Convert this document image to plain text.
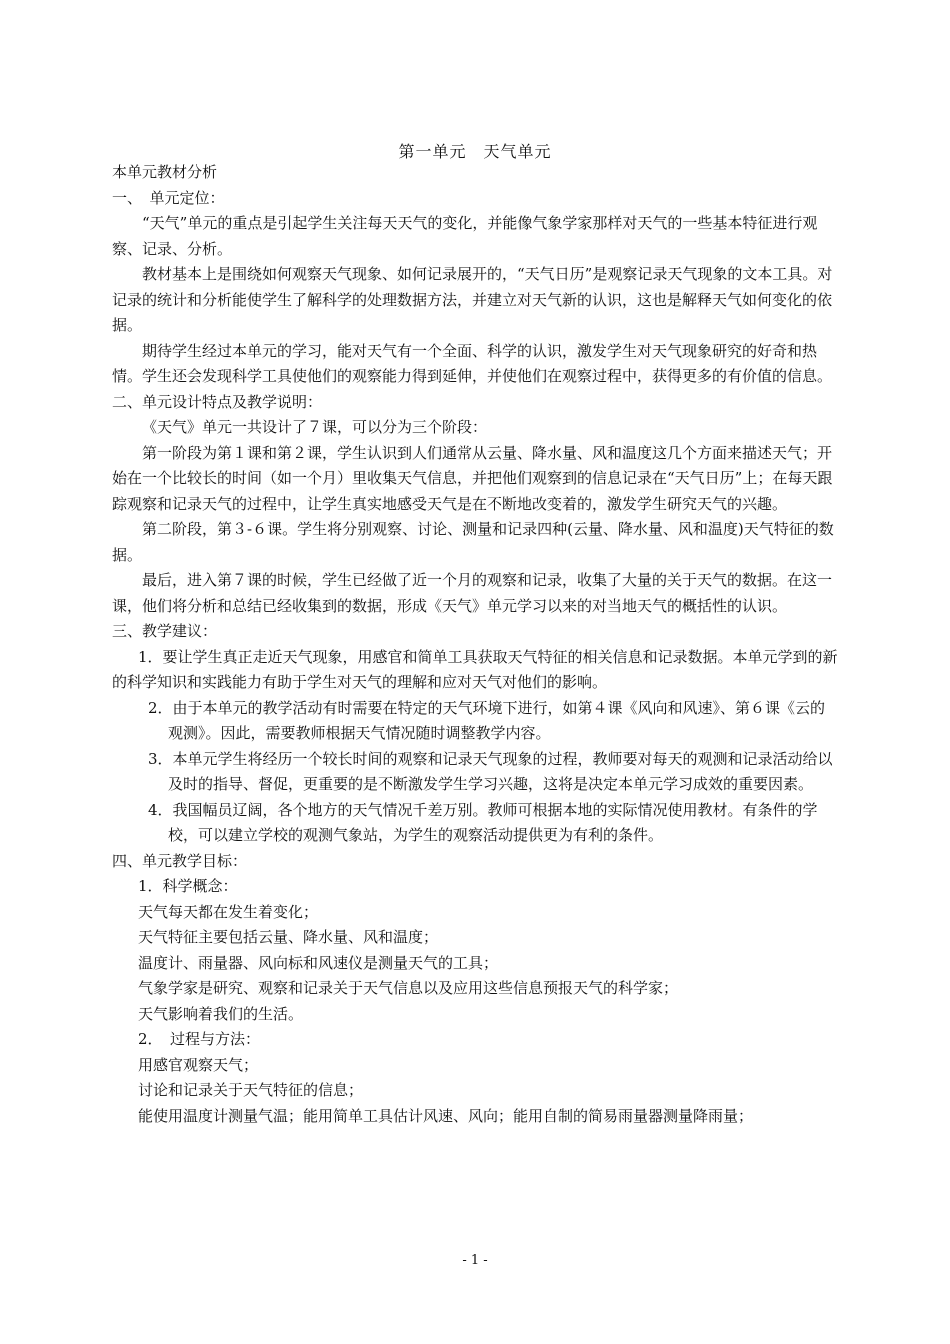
第一单元　天气单元

本单元教材分析

一、　单元定位：

“天气”单元的重点是引起学生关注每天天气的变化，并能像气象学家那样对天气的一些基本特征进行观察、记录、分析。

教材基本上是围绕如何观察天气现象、如何记录展开的，“天气日历”是观察记录天气现象的文本工具。对记录的统计和分析能使学生了解科学的处理数据方法，并建立对天气新的认识，这也是解释天气如何变化的依据。

期待学生经过本单元的学习，能对天气有一个全面、科学的认识，激发学生对天气现象研究的好奇和热情。学生还会发现科学工具使他们的观察能力得到延伸，并使他们在观察过程中，获得更多的有价值的信息。

二、单元设计特点及教学说明：

《天气》单元一共设计了７课，可以分为三个阶段：

第一阶段为第１课和第２课，学生认识到人们通常从云量、降水量、风和温度这几个方面来描述天气；开始在一个比较长的时间（如一个月）里收集天气信息，并把他们观察到的信息记录在“天气日历”上；在每天跟踪观察和记录天气的过程中，让学生真实地感受天气是在不断地改变着的，激发学生研究天气的兴趣。

第二阶段，第３-６课。学生将分别观察、讨论、测量和记录四种(云量、降水量、风和温度)天气特征的数据。

最后，进入第７课的时候，学生已经做了近一个月的观察和记录，收集了大量的关于天气的数据。在这一课，他们将分析和总结已经收集到的数据，形成《天气》单元学习以来的对当地天气的概括性的认识。

三、教学建议：

1．要让学生真正走近天气现象，用感官和简单工具获取天气特征的相关信息和记录数据。本单元学到的新的科学知识和实践能力有助于学生对天气的理解和应对天气对他们的影响。

2．由于本单元的教学活动有时需要在特定的天气环境下进行，如第４课《风向和风速》、第６课《云的观测》。因此，需要教师根据天气情况随时调整教学内容。

3．本单元学生将经历一个较长时间的观察和记录天气现象的过程，教师要对每天的观测和记录活动给以及时的指导、督促，更重要的是不断激发学生学习兴趣，这将是决定本单元学习成效的重要因素。

4．我国幅员辽阔，各个地方的天气情况千差万别。教师可根据本地的实际情况使用教材。有条件的学校，可以建立学校的观测气象站，为学生的观察活动提供更为有利的条件。

四、单元教学目标：

1．科学概念：

天气每天都在发生着变化；

天气特征主要包括云量、降水量、风和温度；

温度计、雨量器、风向标和风速仪是测量天气的工具；

气象学家是研究、观察和记录关于天气信息以及应用这些信息预报天气的科学家；

天气影响着我们的生活。

2．　过程与方法：

用感官观察天气；

讨论和记录关于天气特征的信息；

能使用温度计测量气温；能用简单工具估计风速、风向；能用自制的简易雨量器测量降雨量；

- 1 -
